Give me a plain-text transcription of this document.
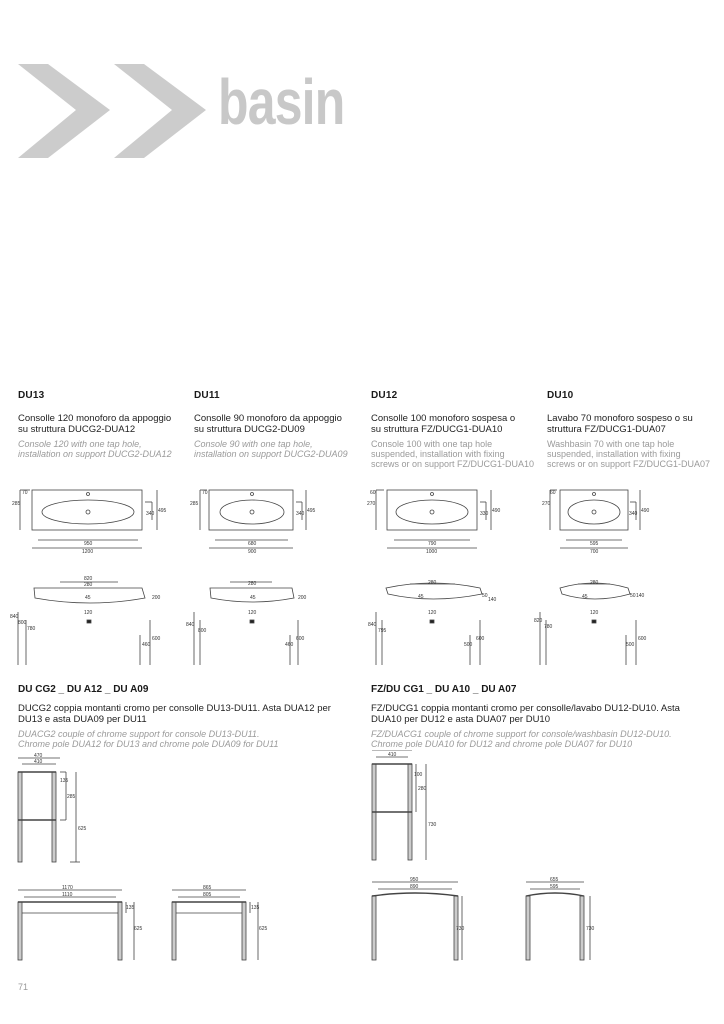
basin
DU13
Consolle 120 monoforo da appoggio
su struttura DUCG2-DUA12
Console 120 with one tap hole,
installation on support DUCG2-DUA12
DU11
Consolle 90 monoforo da appoggio
su struttura DUCG2-DU09
Console 90 with one tap hole,
installation on support DUCG2-DUA09
DU12
Consolle 100 monoforo sospesa o
su struttura FZ/DUCG1-DUA10
Console 100 with one tap hole
suspended, installation with fixing
screws or on support FZ/DUCG1-DUA10
DU10
Lavabo 70 monoforo sospeso o su
struttura FZ/DUCG1-DUA07
Washbasin 70 with one tap hole
suspended, installation with fixing
screws or on support FZ/DUCG1-DUA07
70
285
340 495
950
1200
820
280
200
45
120
840
800
780
600
460
70
285
340 495
680
900
280
200
45
120
840
800
600
460
60
270
330 490
790
1000
280
50
140
45
120
840
795
600
500
60
270
340 490
595
700
280
50 140
45
120
820
780
600
500
DU CG2 _ DU A12 _ DU A09
DUCG2 coppia montanti cromo per consolle DU13-DU11. Asta DUA12 per
DU13 e asta DUA09 per DU11
DUACG2 couple of chrome support for console DU13-DU11.
Chrome pole DUA12 for DU13 and chrome pole DUA09 for DU11
FZ/DU CG1 _ DU A10 _ DU A07
FZ/DUCG1 coppia montanti cromo per consolle/lavabo DU12-DU10. Asta
DUA10 per DU12 e asta DUA07 per DU10
FZ/DUACG1 couple of chrome support for console/washbasin DU12-DU10.
Chrome pole DUA10 for DU12 and chrome pole DUA07 for DU10
470
410
135
285
625
1170
1110
135
625
865
805
135
625
410
100
280
730
950
890
730
655
595
730
71
